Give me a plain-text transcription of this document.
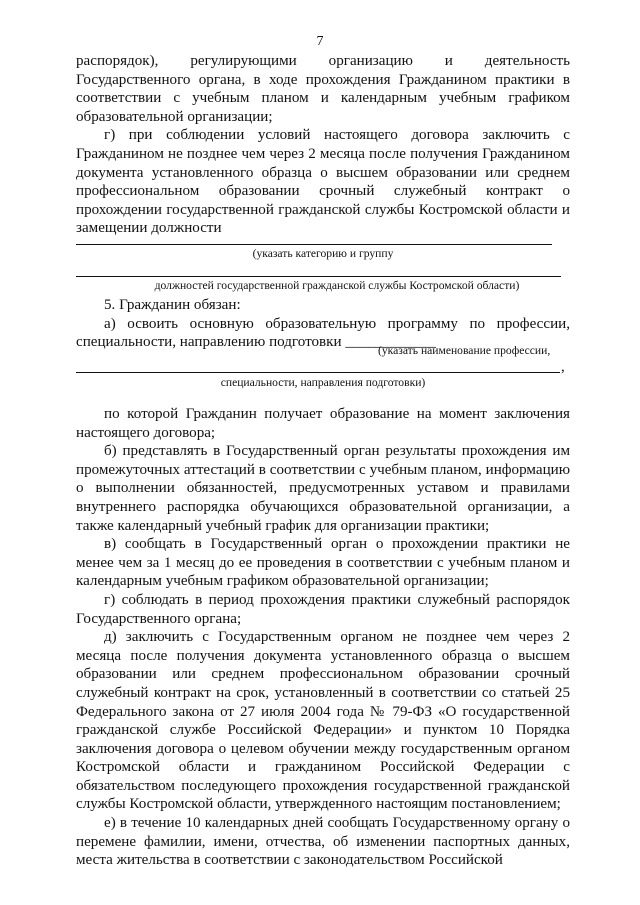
7

распорядок), регулирующими организацию и деятельность Государственного органа, в ходе прохождения Гражданином практики в соответствии с учебным планом и календарным учебным графиком образовательной организации;

г) при соблюдении условий настоящего договора заключить с Гражданином не позднее чем через 2 месяца после получения Гражданином документа установленного образца о высшем образовании или среднем профессиональном образовании срочный служебный контракт о прохождении государственной гражданской службы Костромской области и замещении должности

(указать категорию и группу
должностей государственной гражданской службы Костромской области)

5. Гражданин обязан:

а) освоить основную образовательную программу по профессии, специальности, направлению подготовки ____________

(указать наименование профессии,
,
специальности, направления подготовки)

по которой Гражданин получает образование на момент заключения настоящего договора;

б) представлять в Государственный орган результаты прохождения им промежуточных аттестаций в соответствии с учебным планом, информацию о выполнении обязанностей, предусмотренных уставом и правилами внутреннего распорядка обучающихся образовательной организации, а также календарный учебный график для организации практики;

в) сообщать в Государственный орган о прохождении практики не менее чем за 1 месяц до ее проведения в соответствии с учебным планом и календарным учебным графиком образовательной организации;

г) соблюдать в период прохождения практики служебный распорядок Государственного органа;

д) заключить с Государственным органом не позднее чем через 2 месяца после получения документа установленного образца о высшем образовании или среднем профессиональном образовании срочный служебный контракт на срок, установленный в соответствии со статьей 25 Федерального закона от 27 июля 2004 года № 79-ФЗ «О государственной гражданской службе Российской Федерации» и пунктом 10 Порядка заключения договора о целевом обучении между государственным органом Костромской области и гражданином Российской Федерации с обязательством последующего прохождения государственной гражданской службы Костромской области, утвержденного настоящим постановлением;

е) в течение 10 календарных дней сообщать Государственному органу о перемене фамилии, имени, отчества, об изменении паспортных данных, места жительства в соответствии с законодательством Российской
